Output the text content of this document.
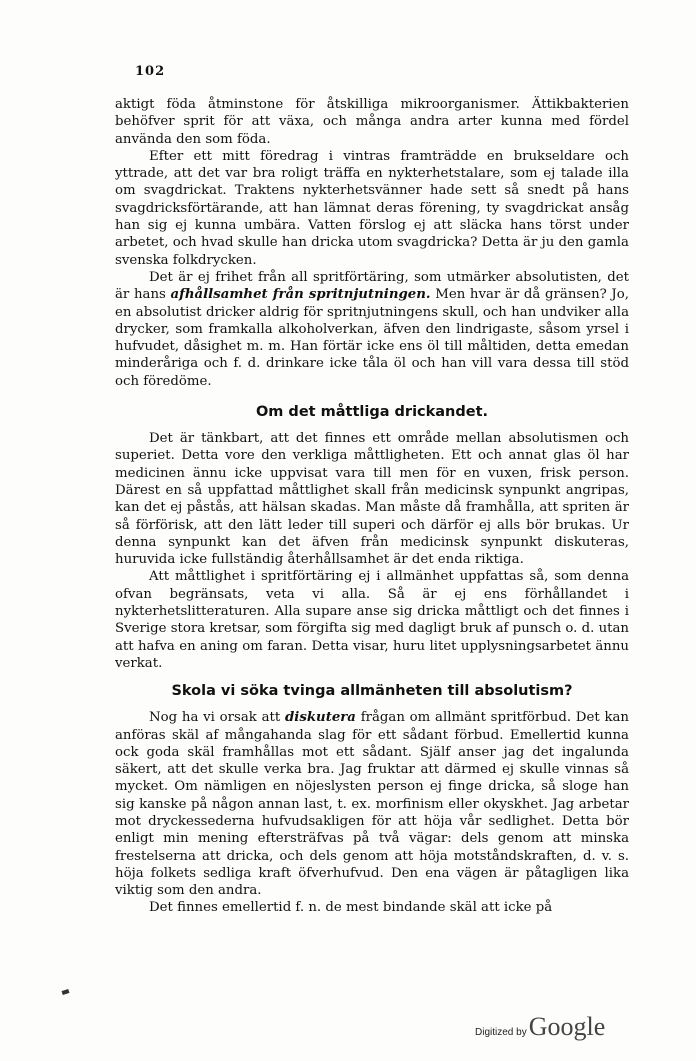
102

aktigt föda åtminstone för åtskilliga mikroorganismer. Ättikbakterien behöfver sprit för att växa, och många andra arter kunna med fördel använda den som föda.

Efter ett mitt föredrag i vintras framträdde en brukseldare och yttrade, att det var bra roligt träffa en nykterhetstalare, som ej talade illa om svagdrickat. Traktens nykterhetsvänner hade sett så snedt på hans svagdricksförtärande, att han lämnat deras förening, ty svagdrickat ansåg han sig ej kunna umbära. Vatten förslog ej att släcka hans törst under arbetet, och hvad skulle han dricka utom svagdricka? Detta är ju den gamla svenska folkdrycken.

Det är ej frihet från all spritförtäring, som utmärker absolutisten, det är hans afhållsamhet från spritnjutningen. Men hvar är då gränsen? Jo, en absolutist dricker aldrig för spritnjutningens skull, och han undviker alla drycker, som framkalla alkoholverkan, äfven den lindrigaste, såsom yrsel i hufvudet, dåsighet m. m. Han förtär icke ens öl till måltiden, detta emedan minderåriga och f. d. drinkare icke tåla öl och han vill vara dessa till stöd och föredöme.

Om det måttliga drickandet.

Det är tänkbart, att det finnes ett område mellan absolutismen och superiet. Detta vore den verkliga måttligheten. Ett och annat glas öl har medicinen ännu icke uppvisat vara till men för en vuxen, frisk person. Därest en så uppfattad måttlighet skall från medicinsk synpunkt angripas, kan det ej påstås, att hälsan skadas. Man måste då framhålla, att spriten är så förförisk, att den lätt leder till superi och därför ej alls bör brukas. Ur denna synpunkt kan det äfven från medicinsk synpunkt diskuteras, huruvida icke fullständig återhållsamhet är det enda riktiga.

Att måttlighet i spritförtäring ej i allmänhet uppfattas så, som denna ofvan begränsats, veta vi alla. Så är ej ens förhållandet i nykterhetslitteraturen. Alla supare anse sig dricka måttligt och det finnes i Sverige stora kretsar, som förgifta sig med dagligt bruk af punsch o. d. utan att hafva en aning om faran. Detta visar, huru litet upplysningsarbetet ännu verkat.

Skola vi söka tvinga allmänheten till absolutism?

Nog ha vi orsak att diskutera frågan om allmänt spritförbud. Det kan anföras skäl af mångahanda slag för ett sådant förbud. Emellertid kunna ock goda skäl framhållas mot ett sådant. Själf anser jag det ingalunda säkert, att det skulle verka bra. Jag fruktar att därmed ej skulle vinnas så mycket. Om nämligen en nöjeslysten person ej finge dricka, så sloge han sig kanske på någon annan last, t. ex. morfinism eller okyskhet. Jag arbetar mot dryckessederna hufvudsakligen för att höja vår sedlighet. Detta bör enligt min mening eftersträfvas på två vägar: dels genom att minska frestelserna att dricka, och dels genom att höja motståndskraften, d. v. s. höja folkets sedliga kraft öfverhufvud. Den ena vägen är påtagligen lika viktig som den andra.

Det finnes emellertid f. n. de mest bindande skäl att icke på

Digitized by Google
